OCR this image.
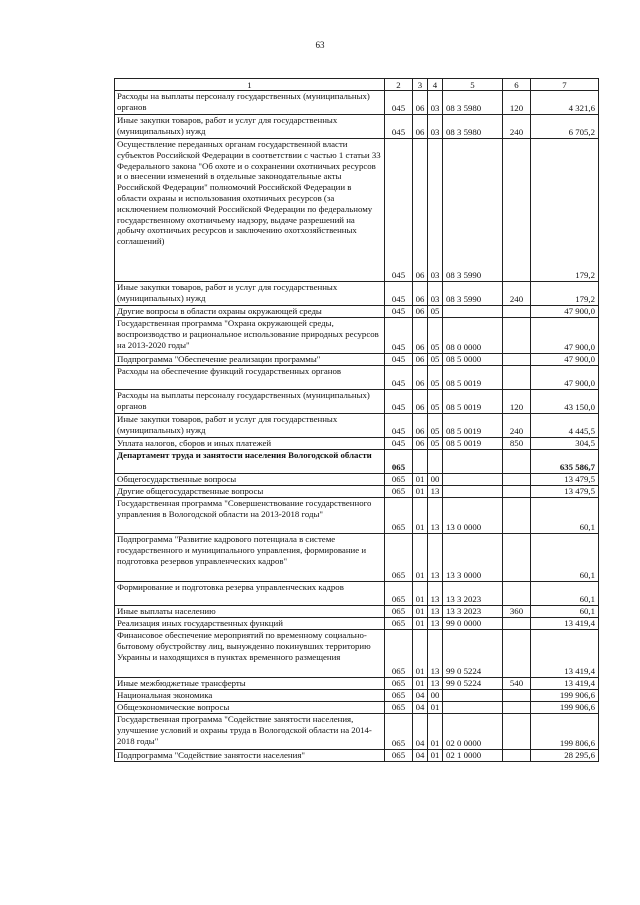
63
1	2	3	4	5	6	7
Расходы на выплаты персоналу государственных (муниципальных) органов	045	06	03	08 3 5980	120	4 321,6
Иные закупки товаров, работ и услуг для государственных (муниципальных) нужд	045	06	03	08 3 5980	240	6 705,2
Осуществление переданных органам государственной власти субъектов Российской Федерации в соответствии с частью 1 статьи 33 Федерального закона "Об охоте и о сохранении охотничьих ресурсов и о внесении изменений в отдельные законодательные акты Российской Федерации" полномочий Российской Федерации в области охраны и использования охотничьих ресурсов (за исключением полномочий Российской Федерации по федеральному государственному охотничьему надзору, выдаче разрешений на добычу охотничьих ресурсов и заключению охотхозяйственных соглашений)	045	06	03	08 3 5990		179,2
Иные закупки товаров, работ и услуг для государственных (муниципальных) нужд	045	06	03	08 3 5990	240	179,2
Другие вопросы в области охраны окружающей среды	045	06	05			47 900,0
Государственная программа "Охрана окружающей среды, воспроизводство и рациональное использование природных ресурсов на 2013-2020 годы"	045	06	05	08 0 0000		47 900,0
Подпрограмма "Обеспечение реализации программы"	045	06	05	08 5 0000		47 900,0
Расходы на обеспечение функций государственных органов	045	06	05	08 5 0019		47 900,0
Расходы на выплаты персоналу государственных (муниципальных) органов	045	06	05	08 5 0019	120	43 150,0
Иные закупки товаров, работ и услуг для государственных (муниципальных) нужд	045	06	05	08 5 0019	240	4 445,5
Уплата налогов, сборов и иных платежей	045	06	05	08 5 0019	850	304,5
Департамент труда и занятости населения Вологодской области	065					635 586,7
Общегосударственные вопросы	065	01	00			13 479,5
Другие общегосударственные вопросы	065	01	13			13 479,5
Государственная программа "Совершенствование государственного управления в Вологодской области на 2013-2018 годы"	065	01	13	13 0 0000		60,1
Подпрограмма "Развитие кадрового потенциала в системе государственного и муниципального управления, формирование и подготовка резервов управленческих кадров"	065	01	13	13 3 0000		60,1
Формирование и подготовка резерва управленческих кадров	065	01	13	13 3 2023		60,1
Иные выплаты населению	065	01	13	13 3 2023	360	60,1
Реализация иных государственных функций	065	01	13	99 0 0000		13 419,4
Финансовое обеспечение мероприятий по временному социально-бытовому обустройству лиц, вынужденно покинувших территорию Украины и находящихся в пунктах временного размещения	065	01	13	99 0 5224		13 419,4
Иные межбюджетные трансферты	065	01	13	99 0 5224	540	13 419,4
Национальная экономика	065	04	00			199 906,6
Общеэкономические вопросы	065	04	01			199 906,6
Государственная программа "Содействие занятости населения, улучшение условий и охраны труда в Вологодской области на 2014-2018 годы"	065	04	01	02 0 0000		199 806,6
Подпрограмма "Содействие занятости населения"	065	04	01	02 1 0000		28 295,6
